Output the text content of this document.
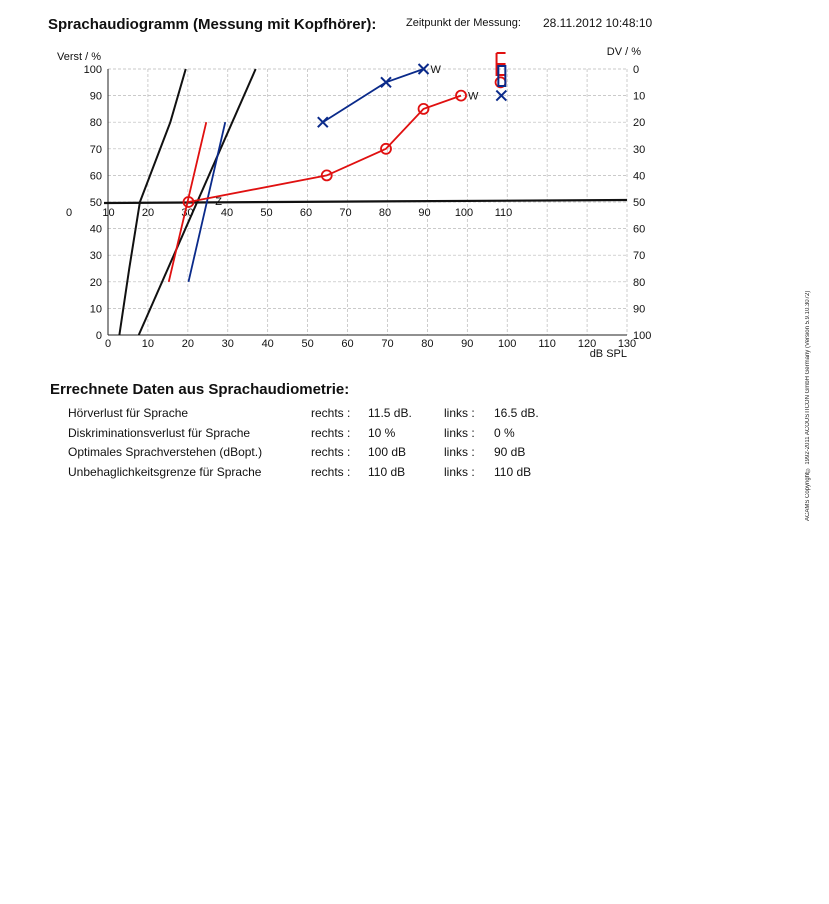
Sprachaudiogramm (Messung mit Kopfhörer):	Zeitpunkt der Messung: 28.11.2012 10:48:10
0
10
20
30
40
50
60
70
80
90
100
Verst / %
0
10
20
30
40
50
60
70
80
90
100
DV / %
0	10	20	30	40	50	60	70	80	90 100 110 120 130
dB SPL
0	10 20 30 40 50 60 70 80 90 100 110
W
W
Z
Errechnete Daten aus Sprachaudiometrie:
Hörverlust für Sprache	rechts : 11.5 dB.	links : 16.5 dB.
Diskriminationsverlust für Sprache	rechts : 10 %	links : 0 %
Optimales Sprachverstehen (dBopt.)	rechts : 100 dB	links : 90 dB
Unbehaglichkeitsgrenze für Sprache	rechts : 110 dB	links : 110 dB	ACAMS Copyright© 1992-2011 ACOUSTICON GmbH Germany (Version 5.9.10.3072)
